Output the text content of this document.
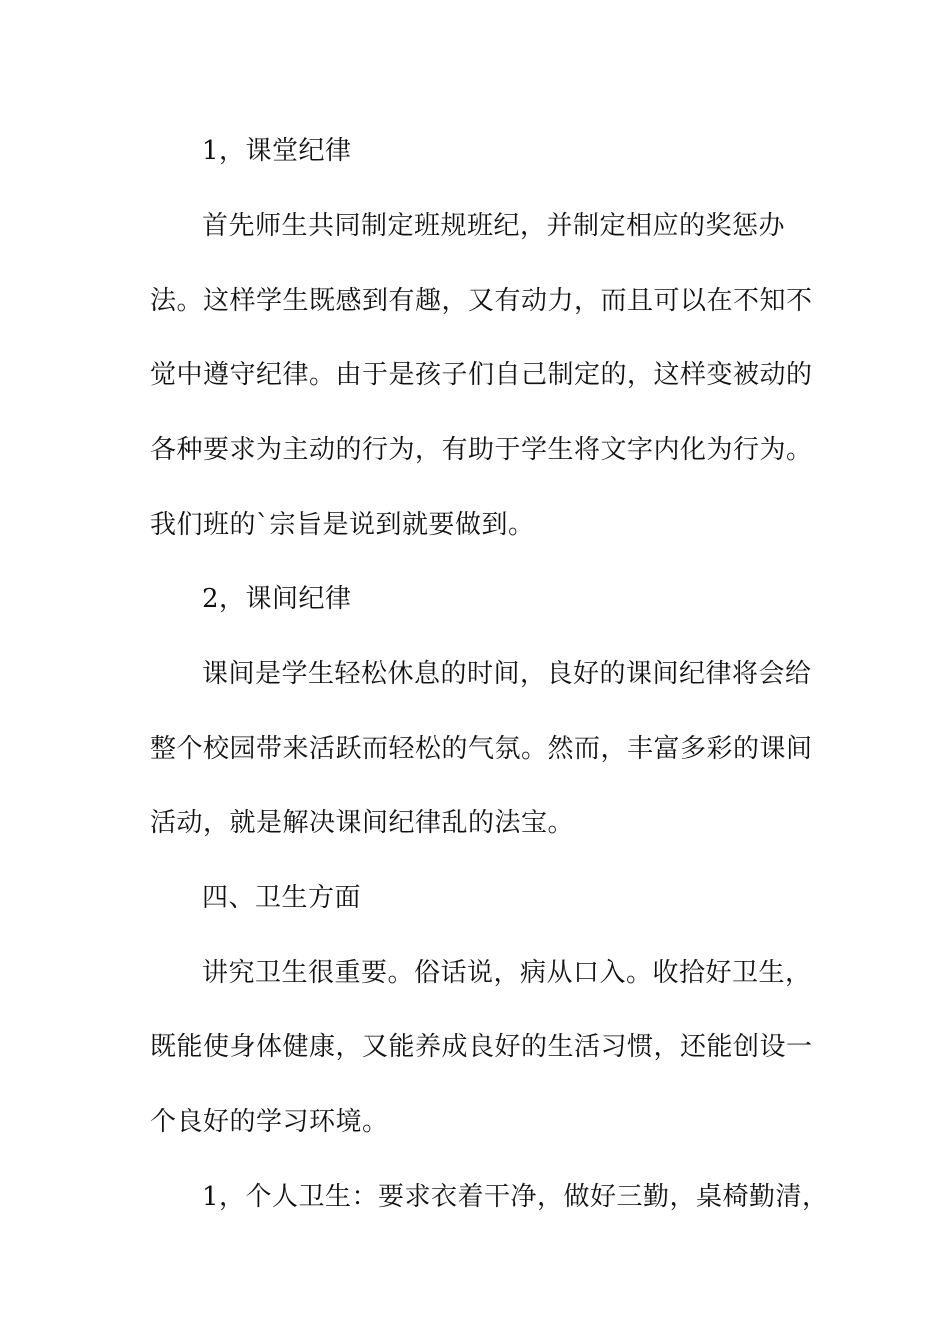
1，课堂纪律
首先师生共同制定班规班纪，并制定相应的奖惩办
法。这样学生既感到有趣，又有动力，而且可以在不知不
觉中遵守纪律。由于是孩子们自己制定的，这样变被动的
各种要求为主动的行为，有助于学生将文字内化为行为。
我们班的`宗旨是说到就要做到。
2，课间纪律
课间是学生轻松休息的时间，良好的课间纪律将会给
整个校园带来活跃而轻松的气氛。然而，丰富多彩的课间
活动，就是解决课间纪律乱的法宝。
四、卫生方面
讲究卫生很重要。俗话说，病从口入。收拾好卫生，
既能使身体健康，又能养成良好的生活习惯，还能创设一
个良好的学习环境。
1，个人卫生：要求衣着干净，做好三勤，桌椅勤清，
